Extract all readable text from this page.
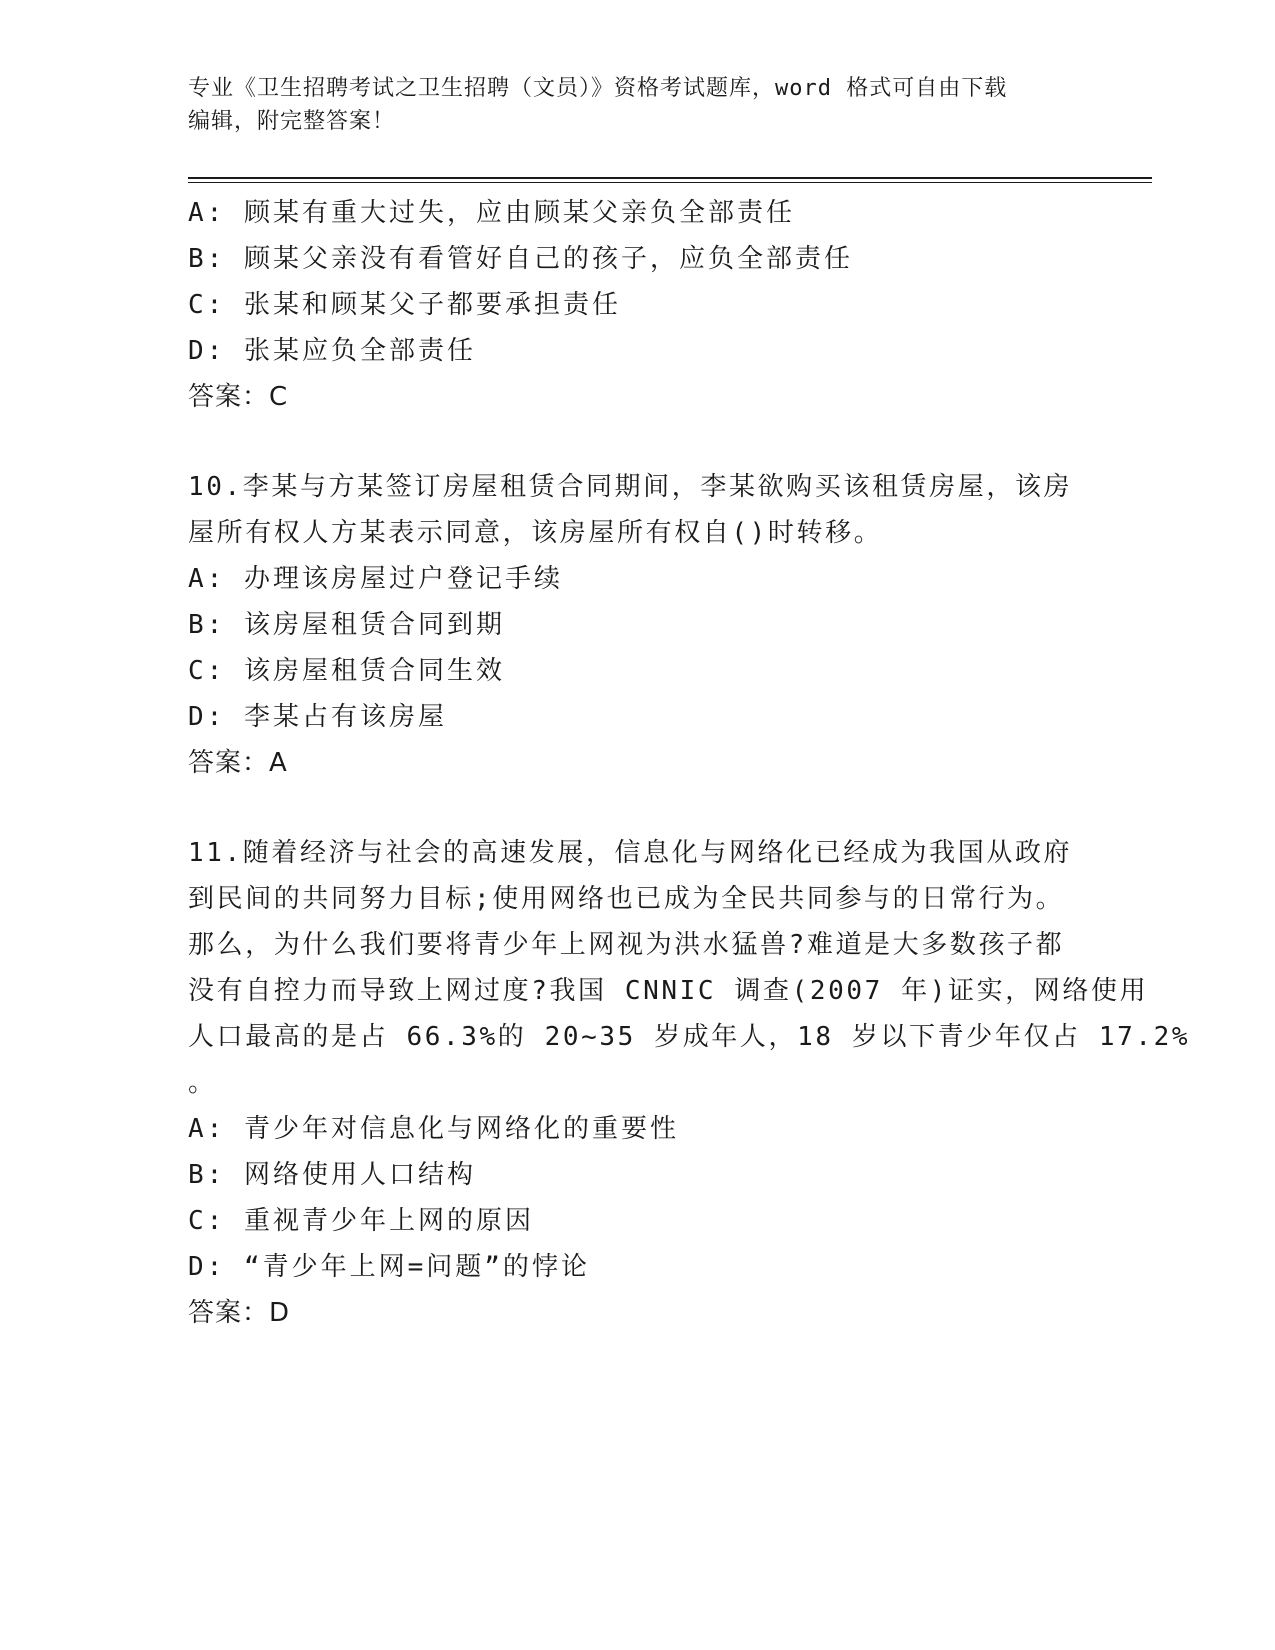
专业《卫生招聘考试之卫生招聘（文员）》资格考试题库，word 格式可自由下载
编辑，附完整答案！
A: 顾某有重大过失，应由顾某父亲负全部责任
B: 顾某父亲没有看管好自己的孩子，应负全部责任
C: 张某和顾某父子都要承担责任
D: 张某应负全部责任
答案：C
10.李某与方某签订房屋租赁合同期间，李某欲购买该租赁房屋，该房
屋所有权人方某表示同意，该房屋所有权自()时转移。
A: 办理该房屋过户登记手续
B: 该房屋租赁合同到期
C: 该房屋租赁合同生效
D: 李某占有该房屋
答案：A
11.随着经济与社会的高速发展，信息化与网络化已经成为我国从政府
到民间的共同努力目标;使用网络也已成为全民共同参与的日常行为。
那么，为什么我们要将青少年上网视为洪水猛兽?难道是大多数孩子都
没有自控力而导致上网过度?我国 CNNIC 调查(2007 年)证实，网络使用
人口最高的是占 66.3%的 20~35 岁成年人，18 岁以下青少年仅占 17.2%
。
A: 青少年对信息化与网络化的重要性
B: 网络使用人口结构
C: 重视青少年上网的原因
D: “青少年上网=问题”的悖论
答案：D
